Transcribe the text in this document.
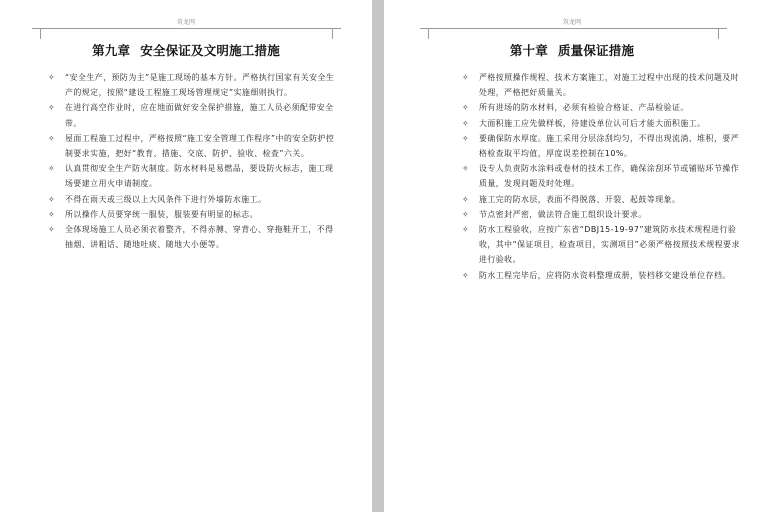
筑龙网
第九章 安全保证及文明施工措施
筑龙网
第十章 质量保证措施
✧ “安全生产，预防为主”是施工现场的基本方针。严格执行国家有关安全生产的规定，按照“建设工程施工现场管理规定”实施细则执行。
✧ 在进行高空作业时，应在地面做好安全保护措施，施工人员必须配带安全带。
✧ 屋面工程施工过程中，严格按照“施工安全管理工作程序”中的安全防护控制要求实施，把好“教育、措施、交底、防护、验收、检查”六关。
✧ 认真贯彻安全生产防火制度。防水材料是易燃品，要设防火标志，施工现场要建立用火申请制度。
✧ 不得在雨天或三级以上大风条件下进行外墙防水施工。
✧ 所以操作人员要穿统一服装，服装要有明显的标志。
✧ 全体现场施工人员必须衣着整齐，不得赤膊、穿背心、穿拖鞋开工，不得抽烟、讲粗话、随地吐痰、随地大小便等。
✧ 严格按照操作规程、技术方案施工，对施工过程中出现的技术问题及时处理，严格把好质量关。
✧ 所有进场的防水材料，必须有检验合格证、产品检验证。
✧ 大面积施工应先做样板，待建设单位认可后才能大面积施工。
✧ 要确保防水厚度。施工采用分层涂刮均匀，不得出现流淌、堆积，要严格检查取平均值，厚度误差控制在10%。
✧ 设专人负责防水涂料或卷材的技术工作，确保涂刮环节或铺贴环节操作质量，发现问题及时处理。
✧ 施工完的防水层，表面不得脱落、开裂、起鼓等现象。
✧ 节点密封严密，做法符合施工组织设计要求。
✧ 防水工程验收，应按广东省“DBJ15-19-97”建筑防水技术规程进行验收，其中“保证项目，检查项目，实测项目”必须严格按照技术规程要求进行验收。
✧ 防水工程完毕后，应将防水资料整理成册，装档移交建设单位存档。
